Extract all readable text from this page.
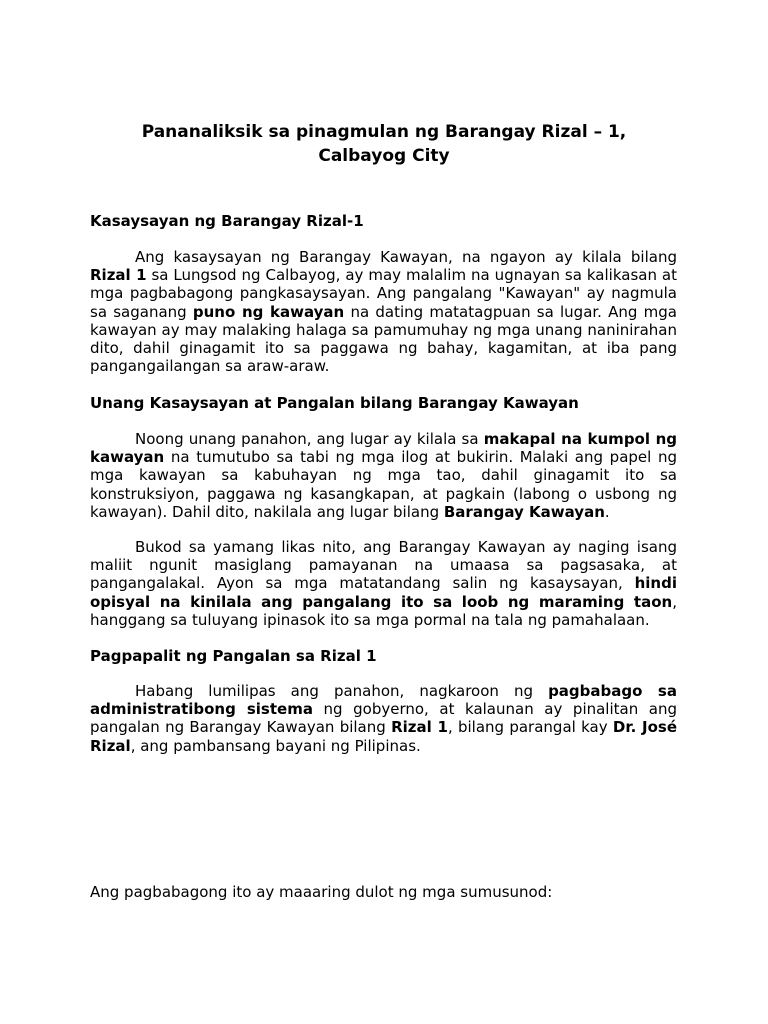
Pananaliksik sa pinagmulan ng Barangay Rizal – 1,
Calbayog City
Kasaysayan ng Barangay Rizal-1

Ang kasaysayan ng Barangay Kawayan, na ngayon ay kilala bilang Rizal 1 sa Lungsod ng Calbayog, ay may malalim na ugnayan sa kalikasan at mga pagbabagong pangkasaysayan. Ang pangalang "Kawayan" ay nagmula sa saganang puno ng kawayan na dating matatagpuan sa lugar. Ang mga kawayan ay may malaking halaga sa pamumuhay ng mga unang naninirahan dito, dahil ginagamit ito sa paggawa ng bahay, kagamitan, at iba pang pangangailangan sa araw-araw.

Unang Kasaysayan at Pangalan bilang Barangay Kawayan

Noong unang panahon, ang lugar ay kilala sa makapal na kumpol ng kawayan na tumutubo sa tabi ng mga ilog at bukirin. Malaki ang papel ng mga kawayan sa kabuhayan ng mga tao, dahil ginagamit ito sa konstruksiyon, paggawa ng kasangkapan, at pagkain (labong o usbong ng kawayan). Dahil dito, nakilala ang lugar bilang Barangay Kawayan.

Bukod sa yamang likas nito, ang Barangay Kawayan ay naging isang maliit ngunit masiglang pamayanan na umaasa sa pagsasaka, at pangangalakal. Ayon sa mga matatandang salin ng kasaysayan, hindi opisyal na kinilala ang pangalang ito sa loob ng maraming taon, hanggang sa tuluyang ipinasok ito sa mga pormal na tala ng pamahalaan.

Pagpapalit ng Pangalan sa Rizal 1

Habang lumilipas ang panahon, nagkaroon ng pagbabago sa administratibong sistema ng gobyerno, at kalaunan ay pinalitan ang pangalan ng Barangay Kawayan bilang Rizal 1, bilang parangal kay Dr. José Rizal, ang pambansang bayani ng Pilipinas.

Ang pagbabagong ito ay maaaring dulot ng mga sumusunod:
